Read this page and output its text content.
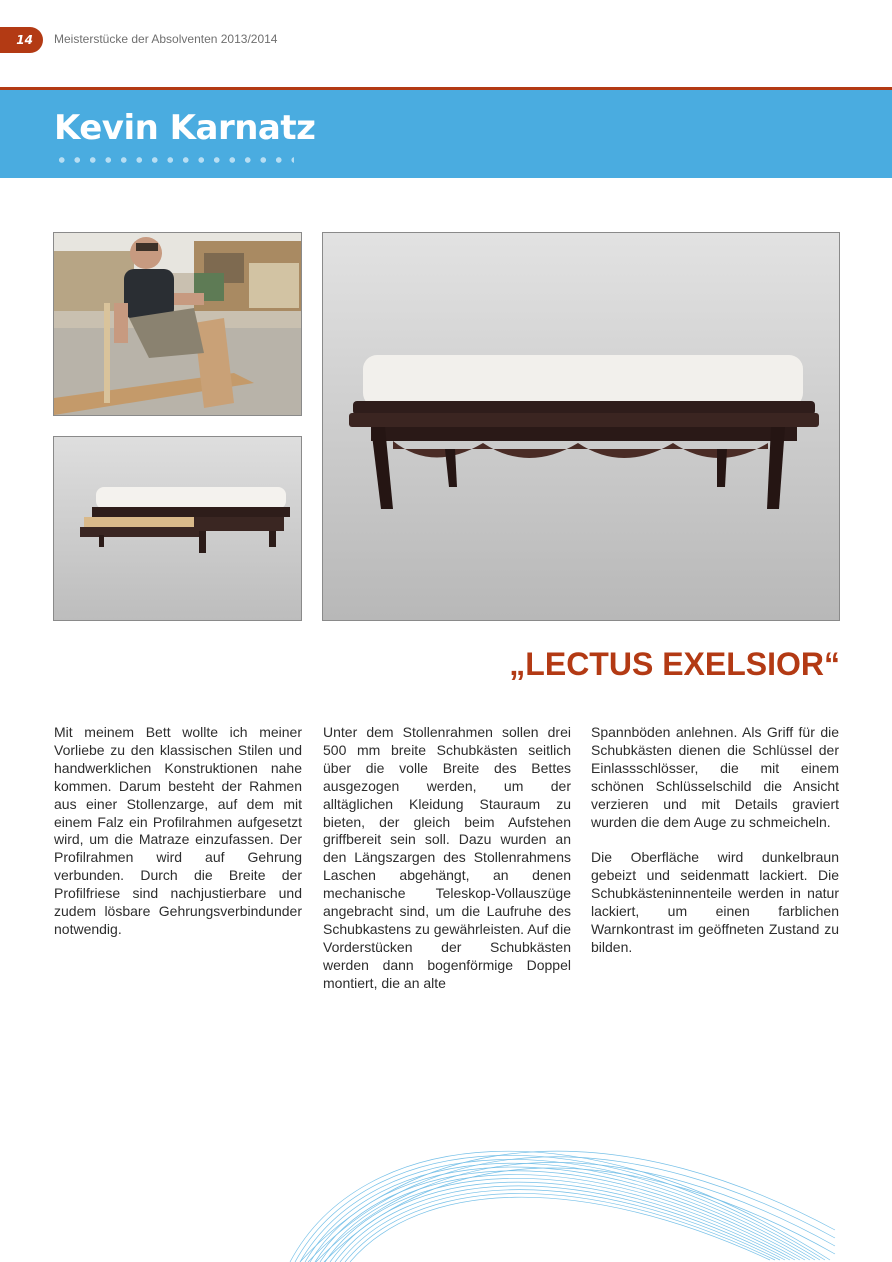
14	Meisterstücke der Absolventen 2013/2014
Kevin Karnatz
„LECTUS EXELSIOR“

Mit meinem Bett wollte ich meiner Vorliebe zu den klassischen Stilen und handwerklichen Konstruktionen nahe kommen. Darum besteht der Rahmen aus einer Stollenzarge, auf dem mit einem Falz ein Profilrahmen aufgesetzt wird, um die Matraze einzufassen. Der Profilrahmen wird auf Gehrung verbunden. Durch die Breite der Profilfriese sind nachjustierbare und zudem lösbare Gehrungsverbindunder notwendig.

Unter dem Stollenrahmen sollen drei 500 mm breite Schubkästen seitlich über die volle Breite des Bettes ausgezogen werden, um der alltäglichen Kleidung Stauraum zu bieten, der gleich beim Aufstehen griffbereit sein soll. Dazu wurden an den Längszargen des Stollenrahmens Laschen abgehängt, an denen mechanische Teleskop-Vollauszüge angebracht sind, um die Laufruhe des Schubkastens zu gewährleisten. Auf die Vorderstücken der Schubkästen werden dann bogenförmige Doppel montiert, die an alte

Spannböden anlehnen. Als Griff für die Schubkästen dienen die Schlüssel der Einlassschlösser, die mit einem schönen Schlüsselschild die Ansicht verzieren und mit Details graviert wurden die dem Auge zu schmeicheln.

Die Oberfläche wird dunkelbraun gebeizt und seidenmatt lackiert. Die Schubkästeninnenteile werden in natur lackiert, um einen farblichen Warnkontrast im geöffneten Zustand zu bilden.
